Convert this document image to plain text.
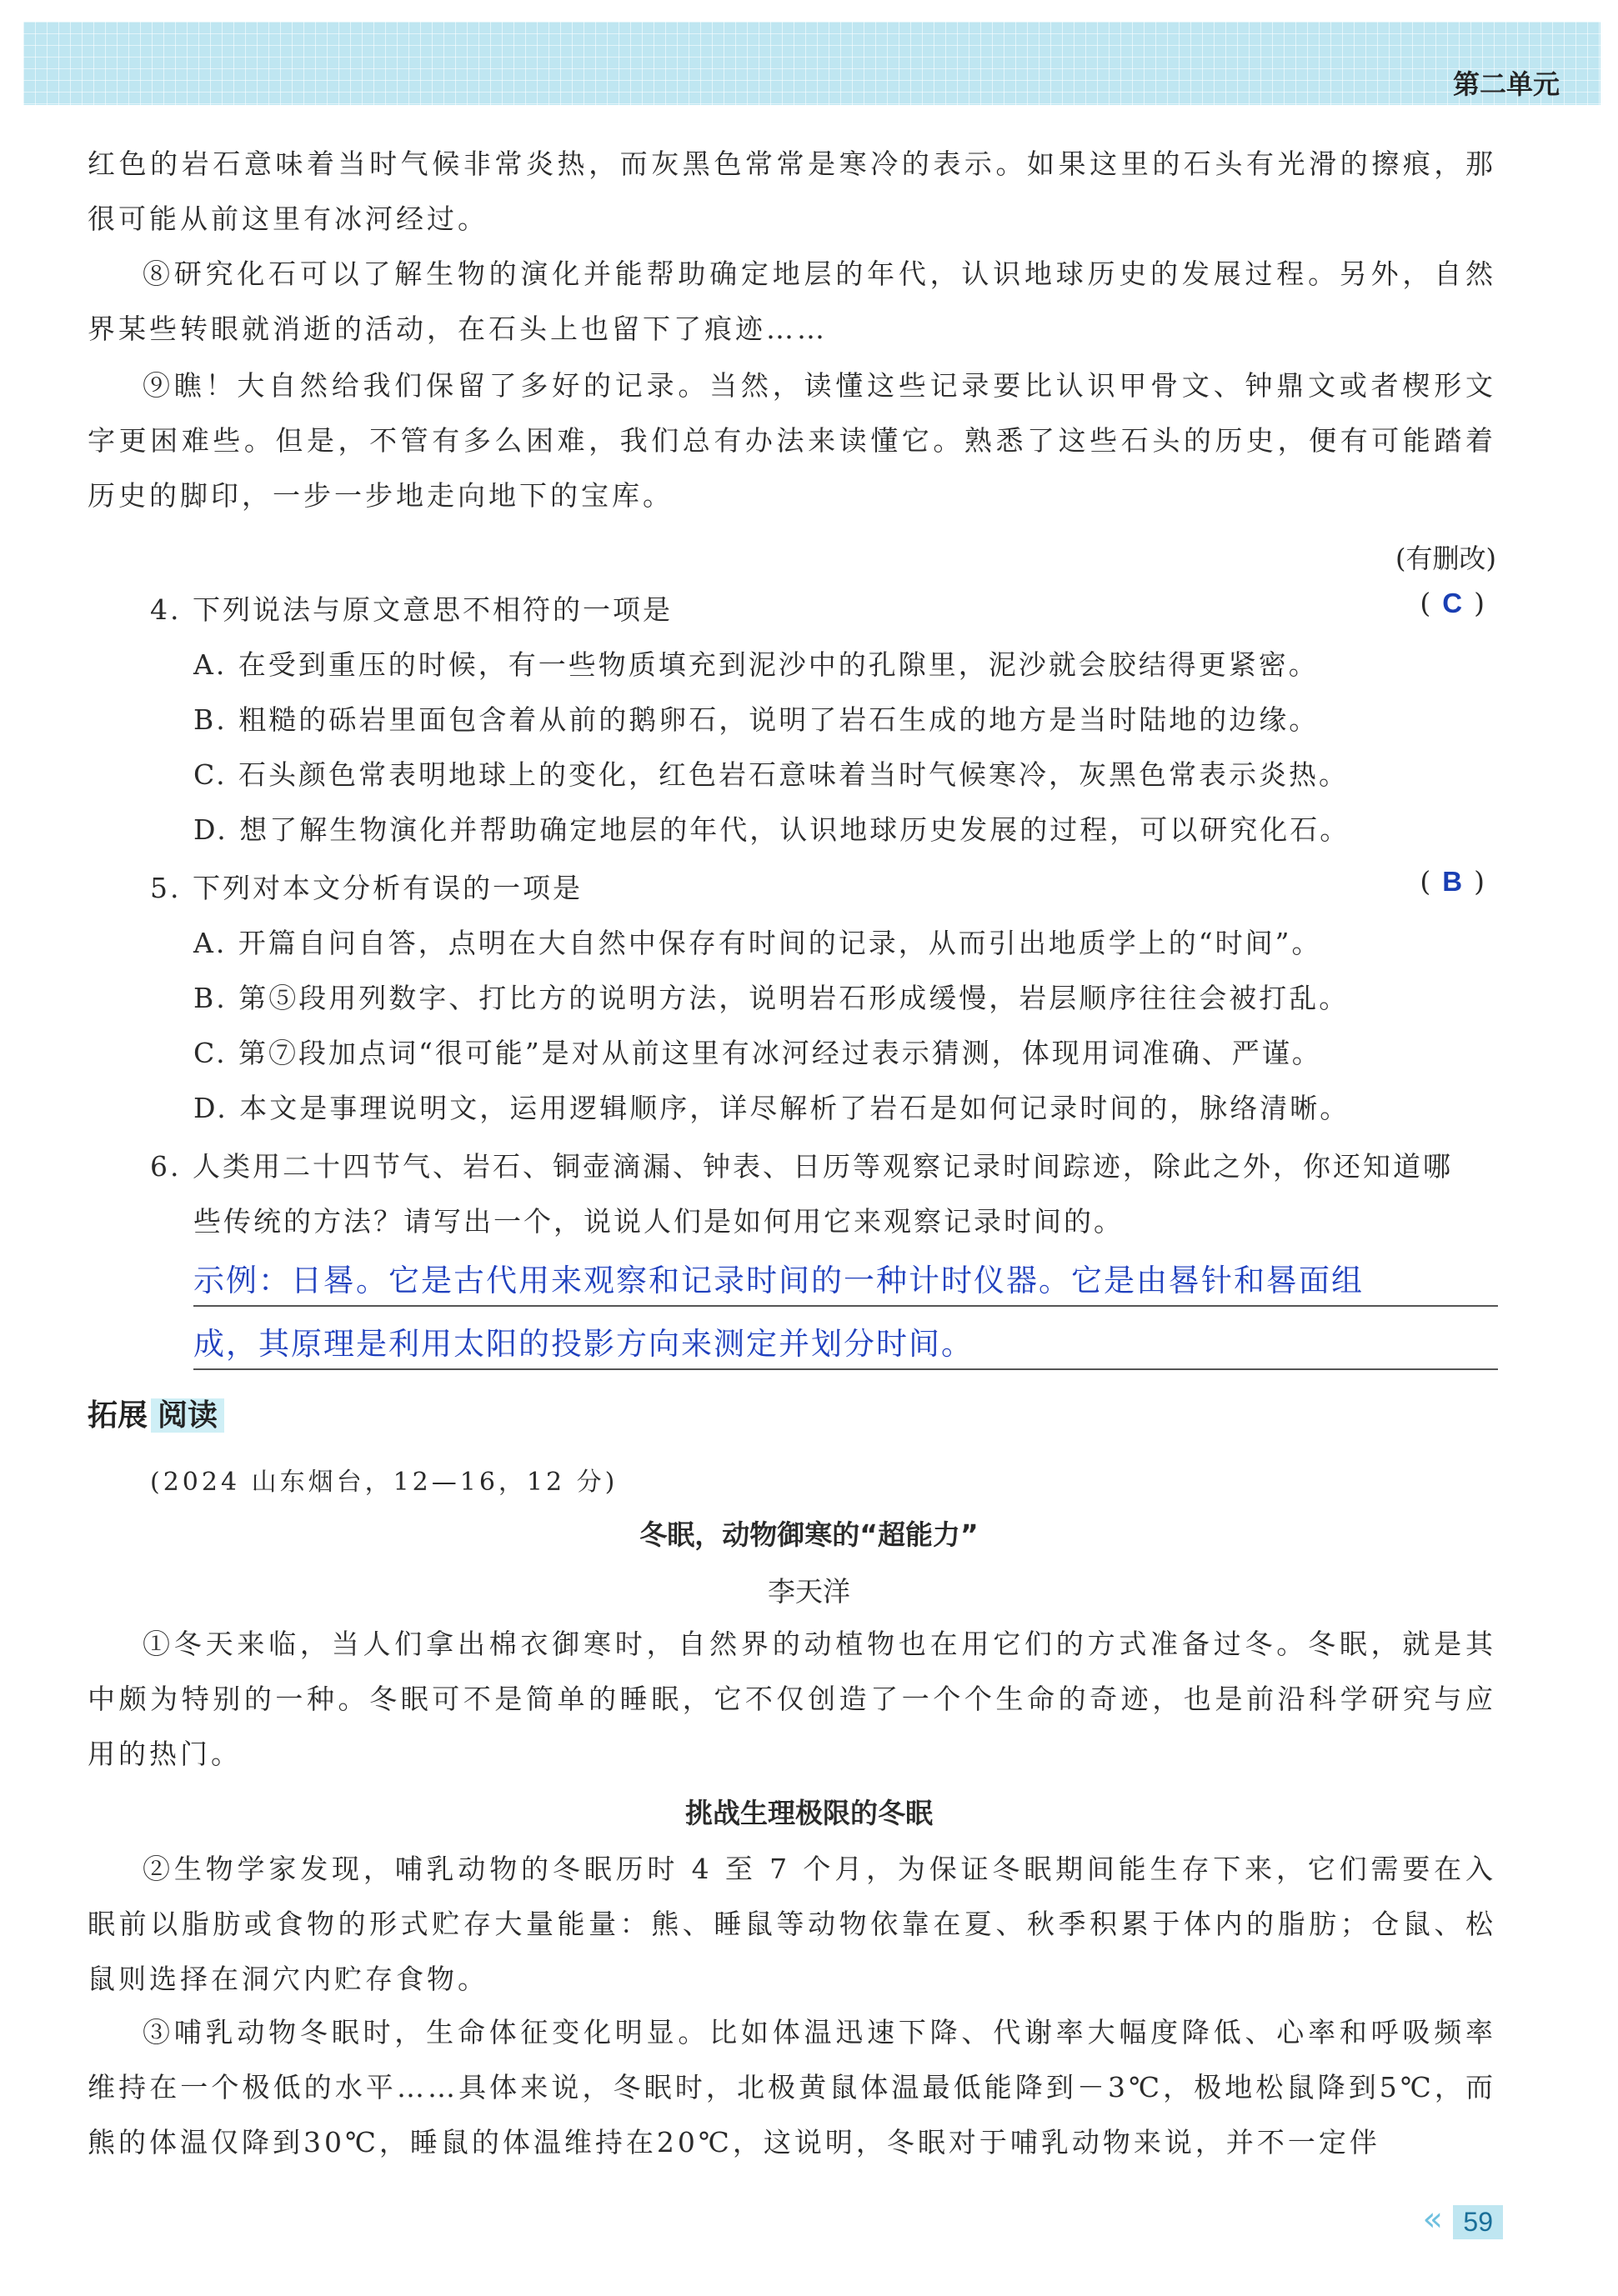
第二单元

红色的岩石意味着当时气候非常炎热，而灰黑色常常是寒冷的表示。如果这里的石头有光滑的擦痕，那很可能从前这里有冰河经过。

⑧研究化石可以了解生物的演化并能帮助确定地层的年代，认识地球历史的发展过程。另外，自然界某些转眼就消逝的活动，在石头上也留下了痕迹……

⑨瞧！大自然给我们保留了多好的记录。当然，读懂这些记录要比认识甲骨文、钟鼎文或者楔形文字更困难些。但是，不管有多么困难，我们总有办法来读懂它。熟悉了这些石头的历史，便有可能踏着历史的脚印，一步一步地走向地下的宝库。

(有删改)
4. 下列说法与原文意思不相符的一项是	(C)
A. 在受到重压的时候，有一些物质填充到泥沙中的孔隙里，泥沙就会胶结得更紧密。
B. 粗糙的砾岩里面包含着从前的鹅卵石，说明了岩石生成的地方是当时陆地的边缘。
C. 石头颜色常表明地球上的变化，红色岩石意味着当时气候寒冷，灰黑色常表示炎热。
D. 想了解生物演化并帮助确定地层的年代，认识地球历史发展的过程，可以研究化石。
5. 下列对本文分析有误的一项是	(B)
A. 开篇自问自答，点明在大自然中保存有时间的记录，从而引出地质学上的“时间”。
B. 第⑤段用列数字、打比方的说明方法，说明岩石形成缓慢，岩层顺序往往会被打乱。
C. 第⑦段加点词“很可能”是对从前这里有冰河经过表示猜测，体现用词准确、严谨。
D. 本文是事理说明文，运用逻辑顺序，详尽解析了岩石是如何记录时间的，脉络清晰。
6. 人类用二十四节气、岩石、铜壶滴漏、钟表、日历等观察记录时间踪迹，除此之外，你还知道哪
些传统的方法？请写出一个，说说人们是如何用它来观察记录时间的。
示例：日晷。它是古代用来观察和记录时间的一种计时仪器。它是由晷针和晷面组
成，其原理是利用太阳的投影方向来测定并划分时间。
拓展 阅读
(2024 山东烟台，12—16，12 分)
冬眠，动物御寒的“超能力”
李天洋

①冬天来临，当人们拿出棉衣御寒时，自然界的动植物也在用它们的方式准备过冬。冬眠，就是其中颇为特别的一种。冬眠可不是简单的睡眠，它不仅创造了一个个生命的奇迹，也是前沿科学研究与应用的热门。

挑战生理极限的冬眠

②生物学家发现，哺乳动物的冬眠历时 4 至 7 个月，为保证冬眠期间能生存下来，它们需要在入眠前以脂肪或食物的形式贮存大量能量：熊、睡鼠等动物依靠在夏、秋季积累于体内的脂肪；仓鼠、松鼠则选择在洞穴内贮存食物。

③哺乳动物冬眠时，生命体征变化明显。比如体温迅速下降、代谢率大幅度降低、心率和呼吸频率维持在一个极低的水平……具体来说，冬眠时，北极黄鼠体温最低能降到－3℃，极地松鼠降到5℃，而熊的体温仅降到30℃，睡鼠的体温维持在20℃，这说明，冬眠对于哺乳动物来说，并不一定伴

« 59
